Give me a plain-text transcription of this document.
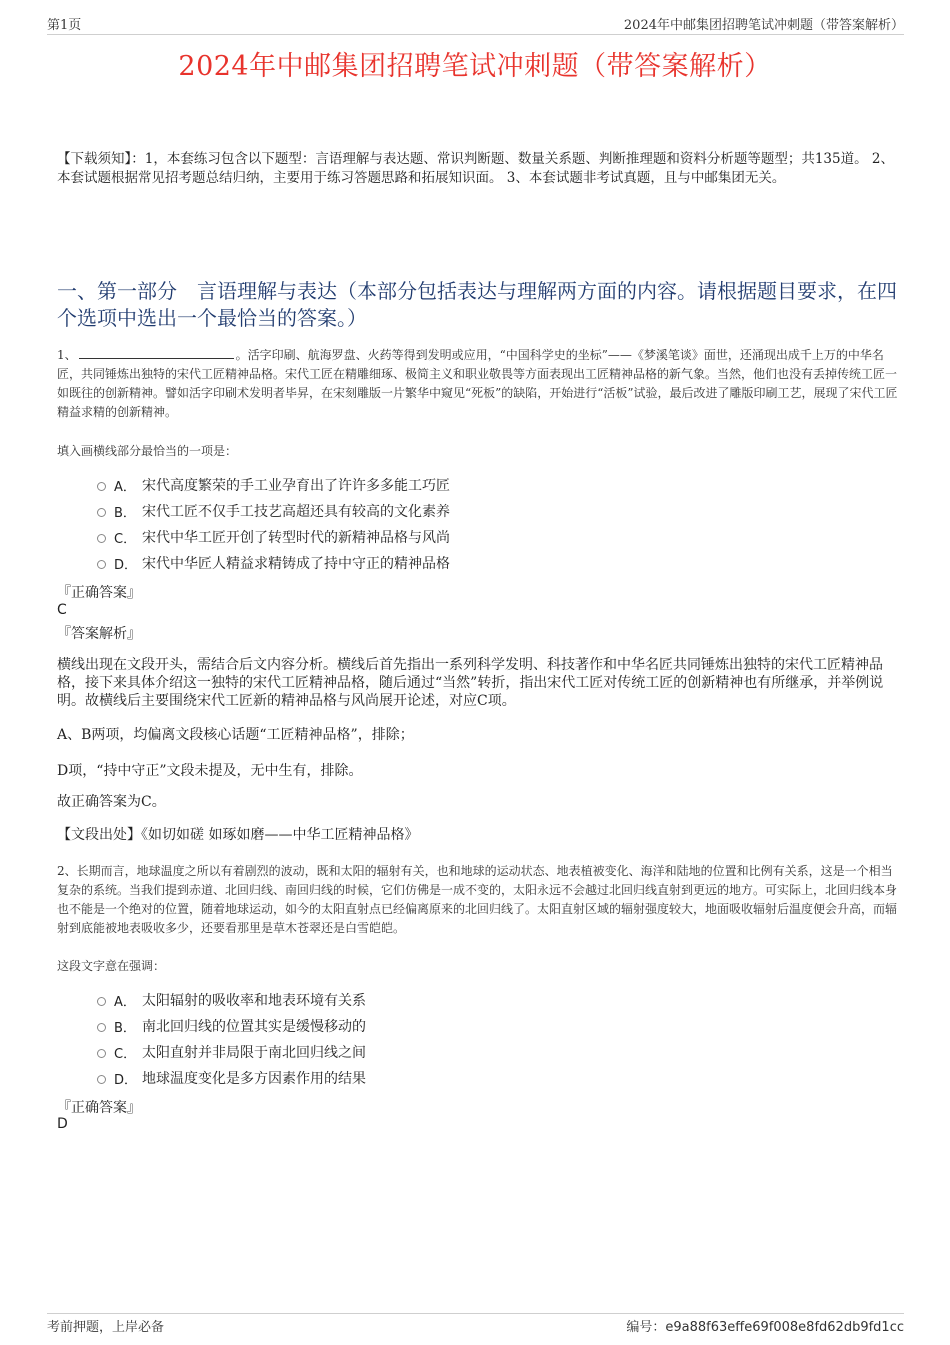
第1页	2024年中邮集团招聘笔试冲刺题（带答案解析）
2024年中邮集团招聘笔试冲刺题（带答案解析）
【下载须知】：1，本套练习包含以下题型：言语理解与表达题、常识判断题、数量关系题、判断推理题和资料分析题等题型；共135道。 2、本套试题根据常见招考题总结归纳，主要用于练习答题思路和拓展知识面。 3、本套试题非考试真题，且与中邮集团无关。
一、第一部分　言语理解与表达（本部分包括表达与理解两方面的内容。请根据题目要求，在四个选项中选出一个最恰当的答案。）
1、	。活字印刷、航海罗盘、火药等得到发明或应用，“中国科学史的坐标”——《梦溪笔谈》面世，还涌现出成千上万的中华名匠，共同锤炼出独特的宋代工匠精神品格。宋代工匠在精雕细琢、极简主义和职业敬畏等方面表现出工匠精神品格的新气象。当然，他们也没有丢掉传统工匠一如既往的创新精神。譬如活字印刷术发明者毕昇，在宋刻雕版一片繁华中窥见“死板”的缺陷，开始进行“活板”试验，最后改进了雕版印刷工艺，展现了宋代工匠精益求精的创新精神。
填入画横线部分最恰当的一项是：
A． 宋代高度繁荣的手工业孕育出了许许多多能工巧匠
B． 宋代工匠不仅手工技艺高超还具有较高的文化素养
C． 宋代中华工匠开创了转型时代的新精神品格与风尚
D． 宋代中华匠人精益求精铸成了持中守正的精神品格
『正确答案』
C
『答案解析』
横线出现在文段开头，需结合后文内容分析。横线后首先指出一系列科学发明、科技著作和中华名匠共同锤炼出独特的宋代工匠精神品格，接下来具体介绍这一独特的宋代工匠精神品格，随后通过“当然”转折，指出宋代工匠对传统工匠的创新精神也有所继承，并举例说明。故横线后主要围绕宋代工匠新的精神品格与风尚展开论述，对应C项。
A、B两项，均偏离文段核心话题“工匠精神品格”，排除；
D项，“持中守正”文段未提及，无中生有，排除。
故正确答案为C。
【文段出处】《如切如磋 如琢如磨——中华工匠精神品格》
2、长期而言，地球温度之所以有着剧烈的波动，既和太阳的辐射有关，也和地球的运动状态、地表植被变化、海洋和陆地的位置和比例有关系，这是一个相当复杂的系统。当我们提到赤道、北回归线、南回归线的时候，它们仿佛是一成不变的，太阳永远不会越过北回归线直射到更远的地方。可实际上，北回归线本身也不能是一个绝对的位置，随着地球运动，如今的太阳直射点已经偏离原来的北回归线了。太阳直射区域的辐射强度较大，地面吸收辐射后温度便会升高，而辐射到底能被地表吸收多少，还要看那里是草木苍翠还是白雪皑皑。
这段文字意在强调：
A． 太阳辐射的吸收率和地表环境有关系
B． 南北回归线的位置其实是缓慢移动的
C． 太阳直射并非局限于南北回归线之间
D． 地球温度变化是多方因素作用的结果
『正确答案』
D
考前押题，上岸必备	编号：e9a88f63effe69f008e8fd62db9fd1cc
